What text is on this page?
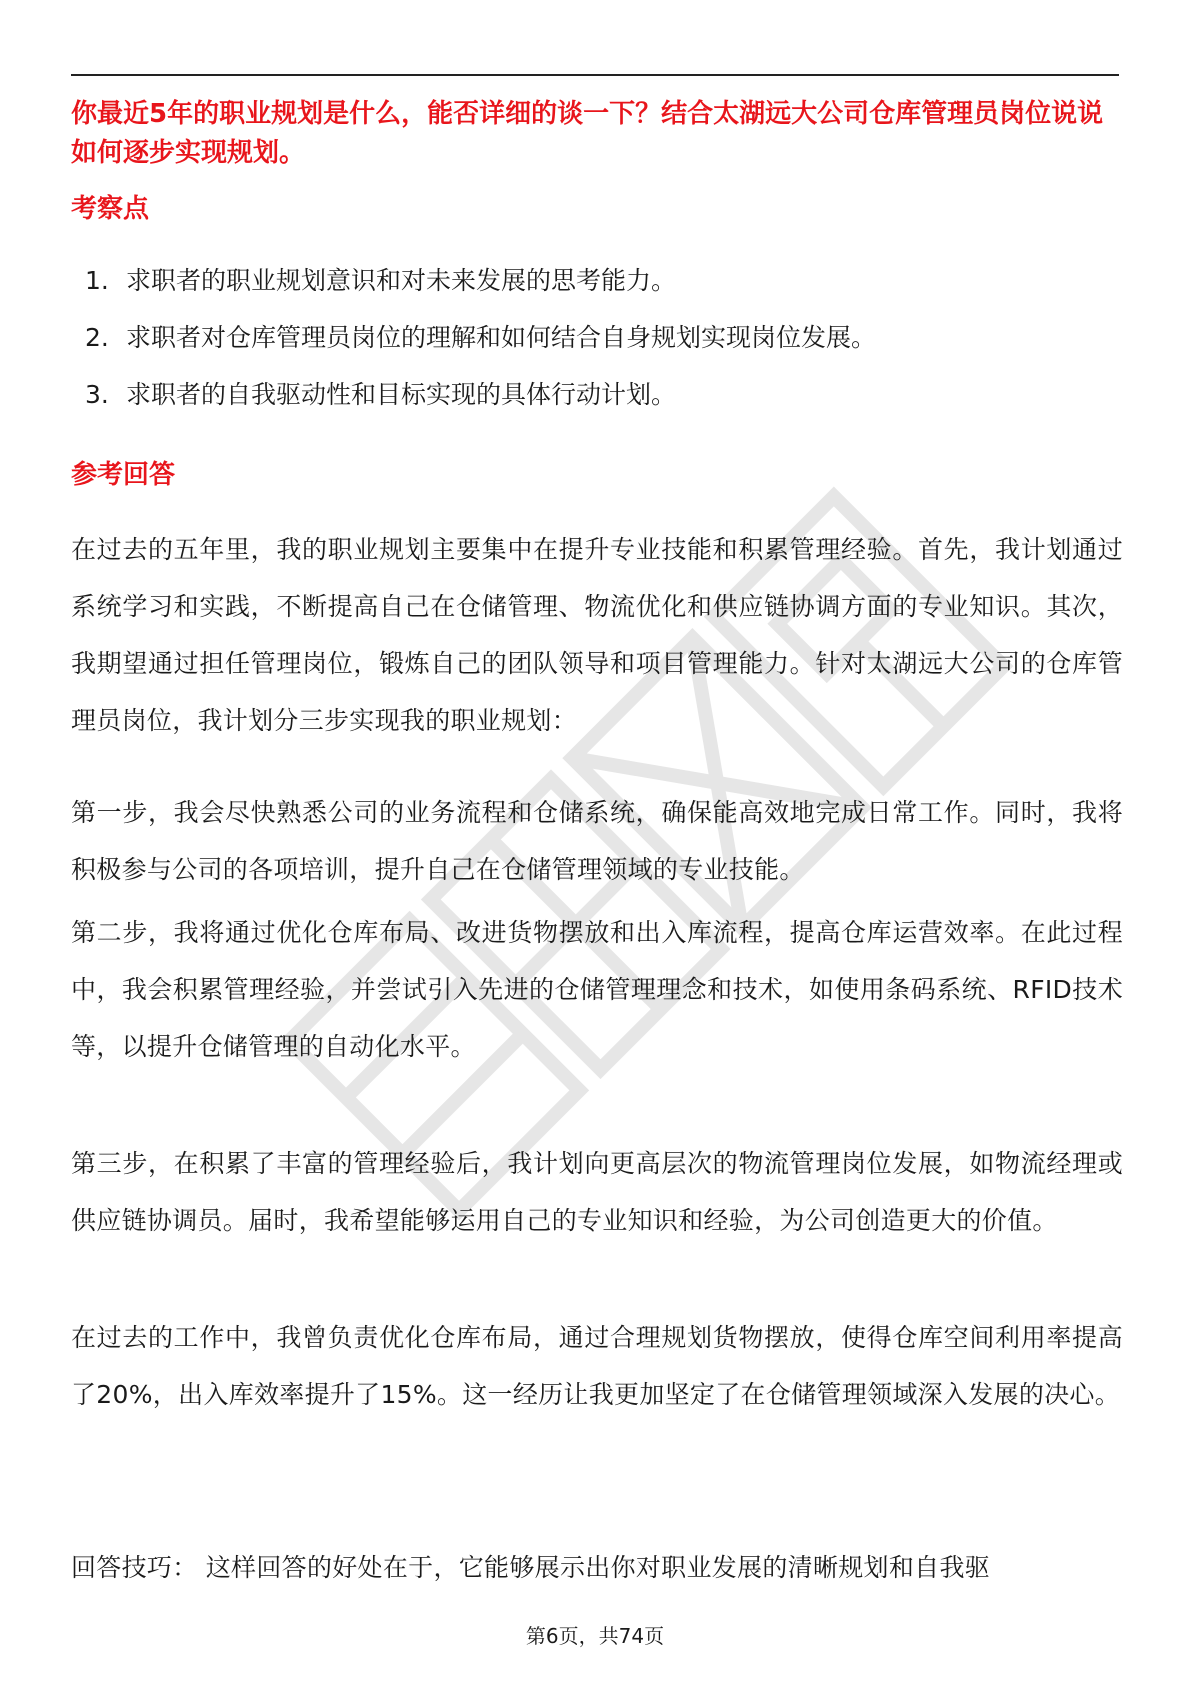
你最近5年的职业规划是什么，能否详细的谈一下？结合太湖远大公司仓库管理员岗位说说如何逐步实现规划。

考察点
1. 求职者的职业规划意识和对未来发展的思考能力。
2. 求职者对仓库管理员岗位的理解和如何结合自身规划实现岗位发展。
3. 求职者的自我驱动性和目标实现的具体行动计划。
参考回答

在过去的五年里，我的职业规划主要集中在提升专业技能和积累管理经验。首先，我计划通过系统学习和实践，不断提高自己在仓储管理、物流优化和供应链协调方面的专业知识。其次，我期望通过担任管理岗位，锻炼自己的团队领导和项目管理能力。针对太湖远大公司的仓库管理员岗位，我计划分三步实现我的职业规划：

第一步，我会尽快熟悉公司的业务流程和仓储系统，确保能高效地完成日常工作。同时，我将积极参与公司的各项培训，提升自己在仓储管理领域的专业技能。

第二步，我将通过优化仓库布局、改进货物摆放和出入库流程，提高仓库运营效率。在此过程中，我会积累管理经验，并尝试引入先进的仓储管理理念和技术，如使用条码系统、RFID技术等，以提升仓储管理的自动化水平。

第三步，在积累了丰富的管理经验后，我计划向更高层次的物流管理岗位发展，如物流经理或供应链协调员。届时，我希望能够运用自己的专业知识和经验，为公司创造更大的价值。

在过去的工作中，我曾负责优化仓库布局，通过合理规划货物摆放，使得仓库空间利用率提高了20%，出入库效率提升了15%。这一经历让我更加坚定了在仓储管理领域深入发展的决心。

回答技巧： 这样回答的好处在于，它能够展示出你对职业发展的清晰规划和自我驱

第6页，共74页
